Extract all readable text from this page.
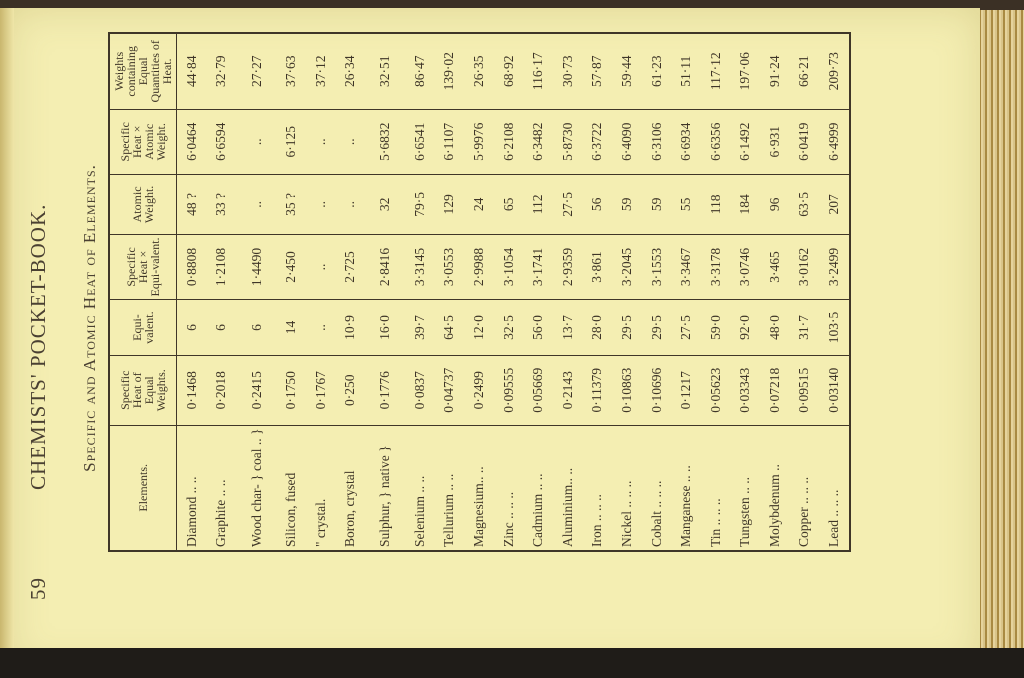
59
CHEMISTS' POCKET-BOOK. Specific and Atomic Heat of Elements.
Elements.	Specific Heat of Equal Weights.	Equi-valent.	Specific Heat × Equi-valent.	Atomic Weight.	Specific Heat × Atomic Weight.	Weights containing Equal Quantities of Heat.
Diamond .. ..	0·1468	6	0·8808	48 ?	6·0464	44·84
Graphite .. ..	0·2018	6	1·2108	33 ?	6·6594	32·79
Wood char- } coal .. }	0·2415	6	1·4490	..	..	27·27
Silicon, fused	0·1750	14	2·450	35 ?	6·125	37·63
" crystal.	0·1767	..	..	..	..	37·12
Boron, crystal	0·250	10·9	2·725	..	..	26·34
Sulphur, } native }	0·1776	16·0	2·8416	32	5·6832	32·51
Selenium .. ..	0·0837	39·7	3·3145	79·5	6·6541	86·47
Tellurium .. ..	0·04737	64·5	3·0553	129	6·1107	139·02
Magnesium.. ..	0·2499	12·0	2·9988	24	5·9976	26·35
Zinc .. .. ..	0·09555	32·5	3·1054	65	6·2108	68·92
Cadmium .. ..	0·05669	56·0	3·1741	112	6·3482	116·17
Aluminium.. ..	0·2143	13·7	2·9359	27·5	5·8730	30·73
Iron .. .. ..	0·11379	28·0	3·861	56	6·3722	57·87
Nickel .. .. ..	0·10863	29·5	3·2045	59	6·4090	59·44
Cobalt .. .. ..	0·10696	29·5	3·1553	59	6·3106	61·23
Manganese .. ..	0·1217	27·5	3·3467	55	6·6934	51·11
Tin .. .. ..	0·05623	59·0	3·3178	118	6·6356	117·12
Tungsten .. ..	0·03343	92·0	3·0746	184	6·1492	197·06
Molybdenum ..	0·07218	48·0	3·465	96	6·931	91·24
Copper .. .. ..	0·09515	31·7	3·0162	63·5	6·0419	66·21
Lead .. .. ..	0·03140	103·5	3·2499	207	6·4999	209·73
